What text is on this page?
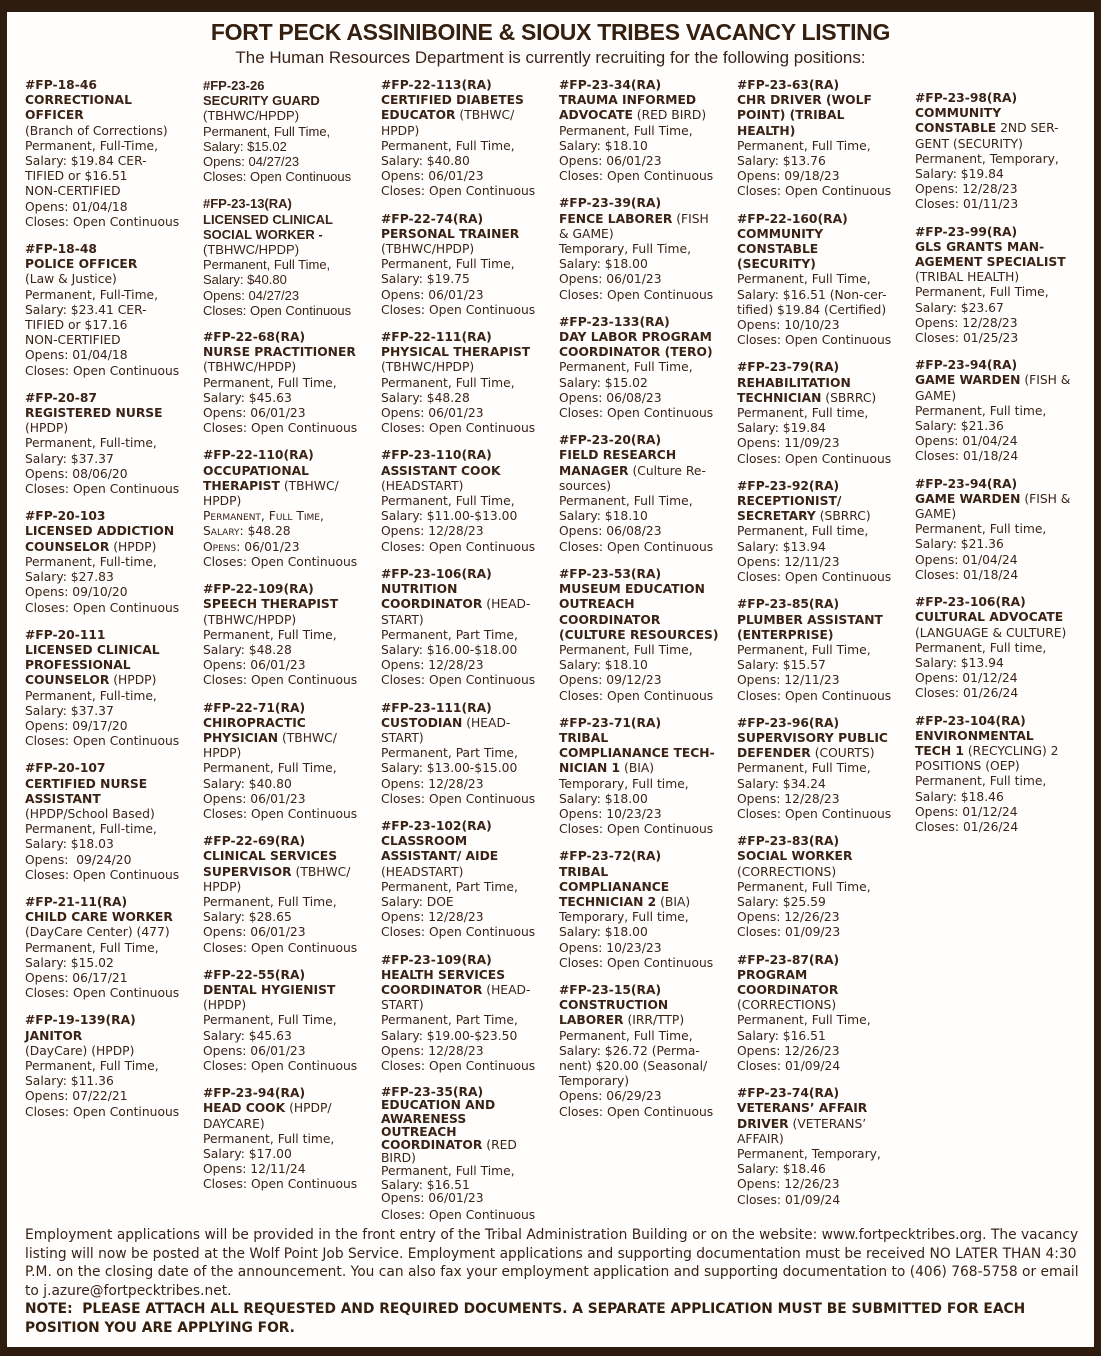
FORT PECK ASSINIBOINE & SIOUX TRIBES VACANCY LISTING
The Human Resources Department is currently recruiting for the following positions:
#FP-18-46
CORRECTIONAL
OFFICER
(Branch of Corrections)
Permanent, Full-Time,
Salary: $19.84 CER-
TIFIED or $16.51
NON-CERTIFIED
Opens: 01/04/18
Closes: Open Continuous
#FP-18-48
POLICE OFFICER
(Law & Justice)
Permanent, Full-Time,
Salary: $23.41 CER-
TIFIED or $17.16
NON-CERTIFIED
Opens: 01/04/18
Closes: Open Continuous
#FP-20-87
REGISTERED NURSE
(HPDP)
Permanent, Full-time,
Salary: $37.37
Opens: 08/06/20
Closes: Open Continuous
#FP-20-103
LICENSED ADDICTION
COUNSELOR (HPDP)
Permanent, Full-time,
Salary: $27.83
Opens: 09/10/20
Closes: Open Continuous
#FP-20-111
LICENSED CLINICAL
PROFESSIONAL
COUNSELOR (HPDP)
Permanent, Full-time,
Salary: $37.37
Opens: 09/17/20
Closes: Open Continuous
#FP-20-107
CERTIFIED NURSE
ASSISTANT
(HPDP/School Based)
Permanent, Full-time,
Salary: $18.03
Opens:  09/24/20
Closes: Open Continuous
#FP-21-11(RA)
CHILD CARE WORKER
(DayCare Center) (477)
Permanent, Full Time,
Salary: $15.02
Opens: 06/17/21
Closes: Open Continuous
#FP-19-139(RA)
JANITOR
(DayCare) (HPDP)
Permanent, Full Time,
Salary: $11.36
Opens: 07/22/21
Closes: Open Continuous
#FP-23-26
SECURITY GUARD
(TBHWC/HPDP)
Permanent, Full Time,
Salary: $15.02
Opens: 04/27/23
Closes: Open Continuous
#FP-23-13(RA)
LICENSED CLINICAL
SOCIAL WORKER -
(TBHWC/HPDP)
Permanent, Full Time,
Salary: $40.80
Opens: 04/27/23
Closes: Open Continuous
#FP-22-68(RA)
NURSE PRACTITIONER
(TBHWC/HPDP)
Permanent, Full Time,
Salary: $45.63
Opens: 06/01/23
Closes: Open Continuous
#FP-22-110(RA)
OCCUPATIONAL
THERAPIST (TBHWC/
HPDP)
Permanent, Full Time,
Salary: $48.28
Opens: 06/01/23
Closes: Open Continuous
#FP-22-109(RA)
SPEECH THERAPIST
(TBHWC/HPDP)
Permanent, Full Time,
Salary: $48.28
Opens: 06/01/23
Closes: Open Continuous
#FP-22-71(RA)
CHIROPRACTIC
PHYSICIAN (TBHWC/
HPDP)
Permanent, Full Time,
Salary: $40.80
Opens: 06/01/23
Closes: Open Continuous
#FP-22-69(RA)
CLINICAL SERVICES
SUPERVISOR (TBHWC/
HPDP)
Permanent, Full Time,
Salary: $28.65
Opens: 06/01/23
Closes: Open Continuous
#FP-22-55(RA)
DENTAL HYGIENIST
(HPDP)
Permanent, Full Time,
Salary: $45.63
Opens: 06/01/23
Closes: Open Continuous
#FP-23-94(RA)
HEAD COOK (HPDP/
DAYCARE)
Permanent, Full time,
Salary: $17.00
Opens: 12/11/24
Closes: Open Continuous
#FP-22-113(RA)
CERTIFIED DIABETES
EDUCATOR (TBHWC/
HPDP)
Permanent, Full Time,
Salary: $40.80
Opens: 06/01/23
Closes: Open Continuous
#FP-22-74(RA)
PERSONAL TRAINER
(TBHWC/HPDP)
Permanent, Full Time,
Salary: $19.75
Opens: 06/01/23
Closes: Open Continuous
#FP-22-111(RA)
PHYSICAL THERAPIST
(TBHWC/HPDP)
Permanent, Full Time,
Salary: $48.28
Opens: 06/01/23
Closes: Open Continuous
#FP-23-110(RA)
ASSISTANT COOK
(HEADSTART)
Permanent, Full Time,
Salary: $11.00-$13.00
Opens: 12/28/23
Closes: Open Continuous
#FP-23-106(RA)
NUTRITION
COORDINATOR (HEAD-
START)
Permanent, Part Time,
Salary: $16.00-$18.00
Opens: 12/28/23
Closes: Open Continuous
#FP-23-111(RA)
CUSTODIAN (HEAD-
START)
Permanent, Part Time,
Salary: $13.00-$15.00
Opens: 12/28/23
Closes: Open Continuous
#FP-23-102(RA)
CLASSROOM
ASSISTANT/ AIDE
(HEADSTART)
Permanent, Part Time,
Salary: DOE
Opens: 12/28/23
Closes: Open Continuous
#FP-23-109(RA)
HEALTH SERVICES
COORDINATOR (HEAD-
START)
Permanent, Part Time,
Salary: $19.00-$23.50
Opens: 12/28/23
Closes: Open Continuous
#FP-23-35(RA)
EDUCATION AND
AWARENESS
OUTREACH
COORDINATOR (RED
BIRD)
Permanent, Full Time,
Salary: $16.51
Opens: 06/01/23
Closes: Open Continuous
#FP-23-34(RA)
TRAUMA INFORMED
ADVOCATE (RED BIRD)
Permanent, Full Time,
Salary: $18.10
Opens: 06/01/23
Closes: Open Continuous
#FP-23-39(RA)
FENCE LABORER (FISH
& GAME)
Temporary, Full Time,
Salary: $18.00
Opens: 06/01/23
Closes: Open Continuous
#FP-23-133(RA)
DAY LABOR PROGRAM
COORDINATOR (TERO)
Permanent, Full Time,
Salary: $15.02
Opens: 06/08/23
Closes: Open Continuous
#FP-23-20(RA)
FIELD RESEARCH
MANAGER (Culture Re-
sources)
Permanent, Full Time,
Salary: $18.10
Opens: 06/08/23
Closes: Open Continuous
#FP-23-53(RA)
MUSEUM EDUCATION
OUTREACH
COORDINATOR
(CULTURE RESOURCES)
Permanent, Full Time,
Salary: $18.10
Opens: 09/12/23
Closes: Open Continuous
#FP-23-71(RA)
TRIBAL
COMPLIANANCE TECH-
NICIAN 1 (BIA)
Temporary, Full time,
Salary: $18.00
Opens: 10/23/23
Closes: Open Continuous
#FP-23-72(RA)
TRIBAL
COMPLIANANCE
TECHNICIAN 2 (BIA)
Temporary, Full time,
Salary: $18.00
Opens: 10/23/23
Closes: Open Continuous
#FP-23-15(RA)
CONSTRUCTION
LABORER (IRR/TTP)
Permanent, Full Time,
Salary: $26.72 (Perma-
nent) $20.00 (Seasonal/
Temporary)
Opens: 06/29/23
Closes: Open Continuous
#FP-23-63(RA)
CHR DRIVER (WOLF
POINT) (TRIBAL
HEALTH)
Permanent, Full Time,
Salary: $13.76
Opens: 09/18/23
Closes: Open Continuous
#FP-22-160(RA)
COMMUNITY
CONSTABLE
(SECURITY)
Permanent, Full Time,
Salary: $16.51 (Non-cer-
tified) $19.84 (Certified)
Opens: 10/10/23
Closes: Open Continuous
#FP-23-79(RA)
REHABILITATION
TECHNICIAN (SBRRC)
Permanent, Full time,
Salary: $19.84
Opens: 11/09/23
Closes: Open Continuous
#FP-23-92(RA)
RECEPTIONIST/
SECRETARY (SBRRC)
Permanent, Full time,
Salary: $13.94
Opens: 12/11/23
Closes: Open Continuous
#FP-23-85(RA)
PLUMBER ASSISTANT
(ENTERPRISE)
Permanent, Full Time,
Salary: $15.57
Opens: 12/11/23
Closes: Open Continuous
#FP-23-96(RA)
SUPERVISORY PUBLIC
DEFENDER (COURTS)
Permanent, Full Time,
Salary: $34.24
Opens: 12/28/23
Closes: Open Continuous
#FP-23-83(RA)
SOCIAL WORKER
(CORRECTIONS)
Permanent, Full Time,
Salary: $25.59
Opens: 12/26/23
Closes: 01/09/23
#FP-23-87(RA)
PROGRAM
COORDINATOR
(CORRECTIONS)
Permanent, Full Time,
Salary: $16.51
Opens: 12/26/23
Closes: 01/09/24
#FP-23-74(RA)
VETERANS’ AFFAIR
DRIVER (VETERANS’
AFFAIR)
Permanent, Temporary,
Salary: $18.46
Opens: 12/26/23
Closes: 01/09/24
#FP-23-98(RA)
COMMUNITY
CONSTABLE 2ND SER-
GENT (SECURITY)
Permanent, Temporary,
Salary: $19.84
Opens: 12/28/23
Closes: 01/11/23
#FP-23-99(RA)
GLS GRANTS MAN-
AGEMENT SPECIALIST
(TRIBAL HEALTH)
Permanent, Full Time,
Salary: $23.67
Opens: 12/28/23
Closes: 01/25/23
#FP-23-94(RA)
GAME WARDEN (FISH &
GAME)
Permanent, Full time,
Salary: $21.36
Opens: 01/04/24
Closes: 01/18/24
#FP-23-94(RA)
GAME WARDEN (FISH &
GAME)
Permanent, Full time,
Salary: $21.36
Opens: 01/04/24
Closes: 01/18/24
#FP-23-106(RA)
CULTURAL ADVOCATE
(LANGUAGE & CULTURE)
Permanent, Full time,
Salary: $13.94
Opens: 01/12/24
Closes: 01/26/24
#FP-23-104(RA)
ENVIRONMENTAL
TECH 1 (RECYCLING) 2
POSITIONS (OEP)
Permanent, Full time,
Salary: $18.46
Opens: 01/12/24
Closes: 01/26/24

Employment applications will be provided in the front entry of the Tribal Administration Building or on the website: www.fortpecktribes.org. The vacancy listing will now be posted at the Wolf Point Job Service. Employment applications and supporting documentation must be received NO LATER THAN 4:30 P.M. on the closing date of the announcement. You can also fax your employment application and supporting documentation to (406) 768-5758 or email to j.azure@fortpecktribes.net.

NOTE:  PLEASE ATTACH ALL REQUESTED AND REQUIRED DOCUMENTS. A SEPARATE APPLICATION MUST BE SUBMITTED FOR EACH POSITION YOU ARE APPLYING FOR.
